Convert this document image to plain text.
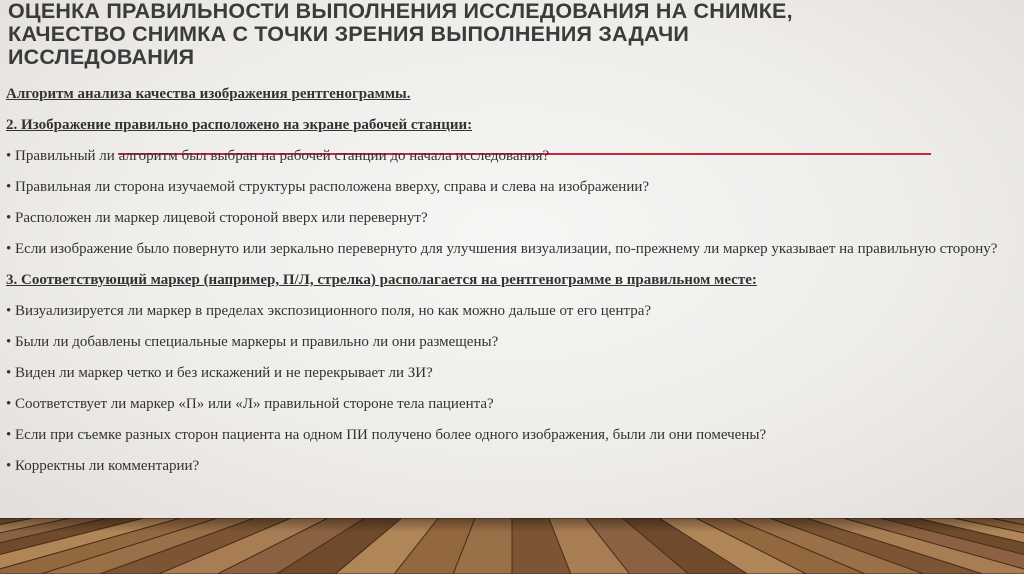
ОЦЕНКА ПРАВИЛЬНОСТИ ВЫПОЛНЕНИЯ ИССЛЕДОВАНИЯ НА СНИМКЕ,
КАЧЕСТВО СНИМКА С ТОЧКИ ЗРЕНИЯ ВЫПОЛНЕНИЯ ЗАДАЧИ
ИССЛЕДОВАНИЯ
Алгоритм анализа качества изображения рентгенограммы.
2. Изображение правильно расположено на экране рабочей станции:
• Правильный ли алгоритм был выбран на рабочей станции до начала исследования?
• Правильная ли сторона изучаемой структуры расположена вверху, справа и слева на изображении?
• Расположен ли маркер лицевой стороной вверх или перевернут?
• Если изображение было повернуто или зеркально перевернуто для улучшения визуализации, по-прежнему ли маркер указывает на правильную сторону?
3. Соответствующий маркер (например, П/Л, стрелка) располагается на рентгенограмме в правильном месте:
• Визуализируется ли маркер в пределах экспозиционного поля, но как можно дальше от его центра?
• Были ли добавлены специальные маркеры и правильно ли они размещены?
• Виден ли маркер четко и без искажений и не перекрывает ли ЗИ?
• Соответствует ли маркер «П» или «Л» правильной стороне тела пациента?
• Если при съемке разных сторон пациента на одном ПИ получено более одного изображения, были ли они помечены?
• Корректны ли комментарии?
